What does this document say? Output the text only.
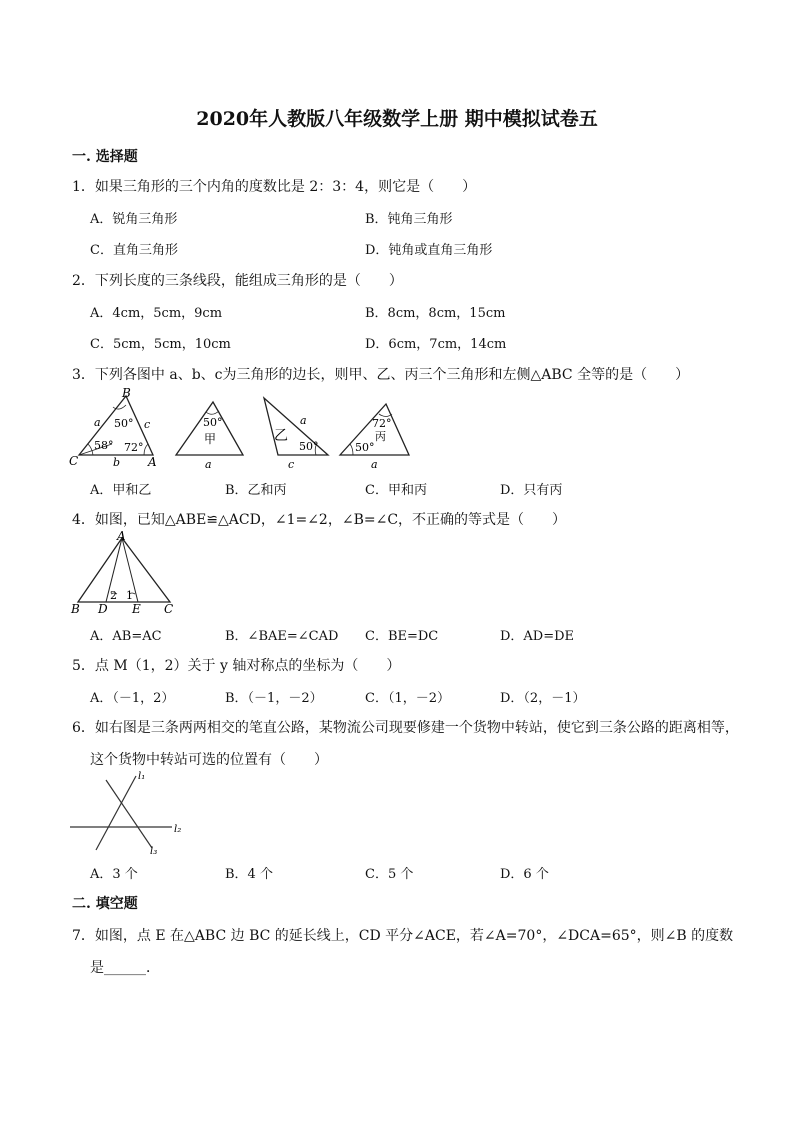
2020年人教版八年级数学上册 期中模拟试卷五
一. 选择题
1．如果三角形的三个内角的度数比是 2：3：4，则它是（　　）
A．锐角三角形	B．钝角三角形
C．直角三角形	D．钝角或直角三角形
2．下列长度的三条线段，能组成三角形的是（　　）
A．4cm，5cm，9cm	B．8cm，8cm，15cm
C．5cm，5cm，10cm	D．6cm，7cm，14cm
3．下列各图中 a、b、c为三角形的边长，则甲、乙、丙三个三角形和左侧△ABC 全等的是（　　）
B
C	A
a	c
b
50°
58° 72°
50°
甲
a
乙
a
c
50°
72°
丙
50°
a
A．甲和乙	B．乙和丙	C．甲和丙	D．只有丙
4．如图，已知△ABE≌△ACD，∠1=∠2，∠B=∠C，不正确的等式是（　　）
A
B	C
D E
2 1
A．AB=AC	B．∠BAE=∠CAD C．BE=DC	D．AD=DE
5．点 M（1，2）关于 y 轴对称点的坐标为（　　）
A．（－1，2）	B．（－1，－2）	C．（1，－2）	D．（2，－1）
6．如右图是三条两两相交的笔直公路，某物流公司现要修建一个货物中转站，使它到三条公路的距离相等，
这个货物中转站可选的位置有（　　）
l₁
l₂
l₃
A．3 个	B．4 个	C．5 个	D．6 个
二. 填空题
7．如图，点 E 在△ABC 边 BC 的延长线上，CD 平分∠ACE，若∠A=70°，∠DCA=65°，则∠B 的度数
是______．
